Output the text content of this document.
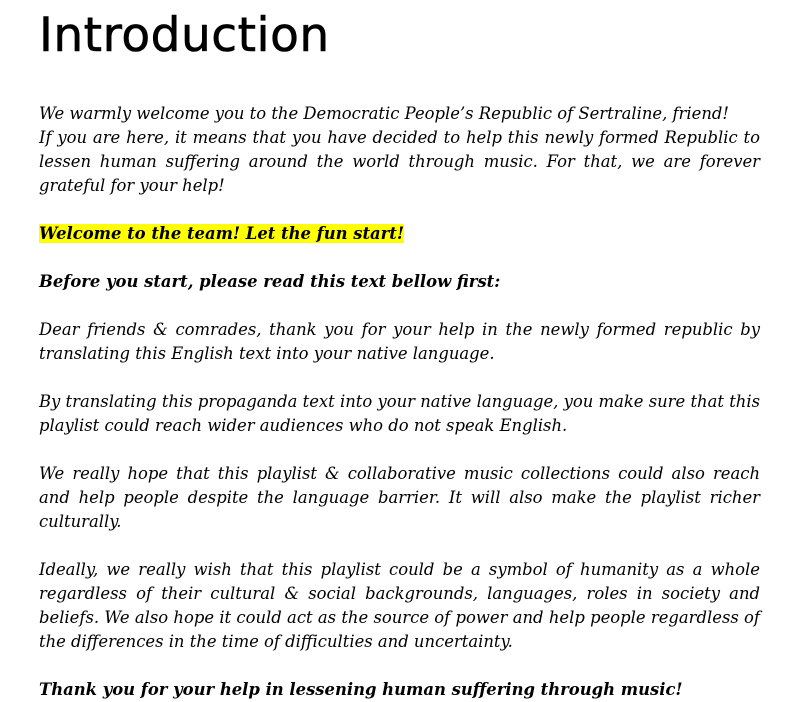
Introduction

We warmly welcome you to the Democratic People’s Republic of Sertraline, friend!
If you are here, it means that you have decided to help this newly formed Republic to lessen human suffering around the world through music. For that, we are forever grateful for your help!

Welcome to the team! Let the fun start!

Before you start, please read this text bellow first:

Dear friends & comrades, thank you for your help in the newly formed republic by translating this English text into your native language.

By translating this propaganda text into your native language, you make sure that this playlist could reach wider audiences who do not speak English.

We really hope that this playlist & collaborative music collections could also reach and help people despite the language barrier. It will also make the playlist richer culturally.

Ideally, we really wish that this playlist could be a symbol of humanity as a whole regardless of their cultural & social backgrounds, languages, roles in society and beliefs. We also hope it could act as the source of power and help people regardless of the differences in the time of difficulties and uncertainty.

Thank you for your help in lessening human suffering through music!
